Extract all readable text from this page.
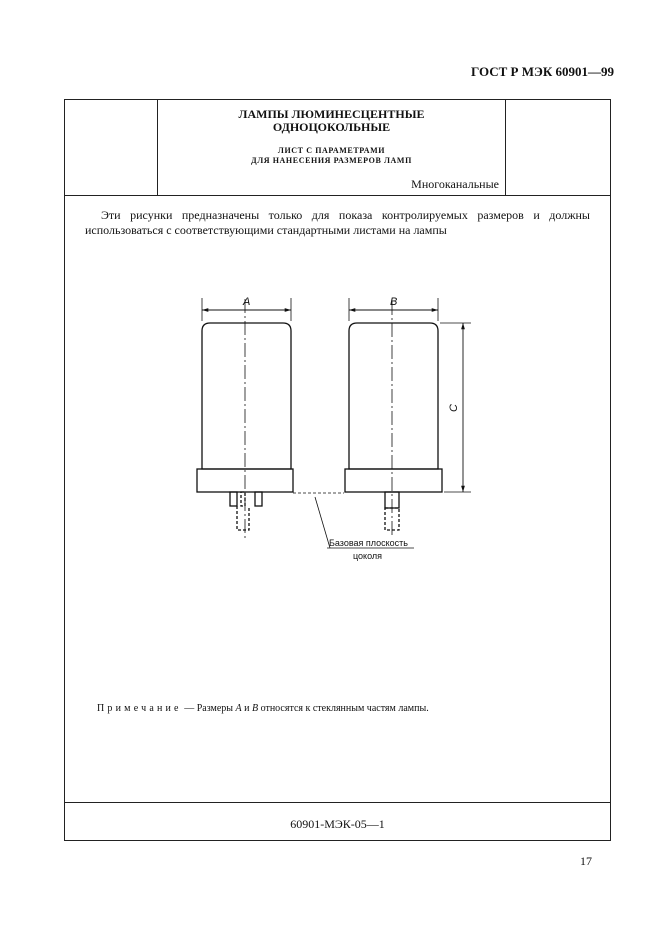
ГОСТ Р МЭК 60901—99
ЛАМПЫ ЛЮМИНЕСЦЕНТНЫЕ
ОДНОЦОКОЛЬНЫЕ
ЛИСТ С ПАРАМЕТРАМИ
ДЛЯ НАНЕСЕНИЯ РАЗМЕРОВ ЛАМП
Многоканальные
Эти рисунки предназначены только для показа контролируемых размеров и должны использоваться с соответствующими стандартными листами на лампы
A	B
C
Базовая плоскость
цоколя
Примечание — Размеры A и B относятся к стеклянным частям лампы.
60901-МЭК-05—1
17
